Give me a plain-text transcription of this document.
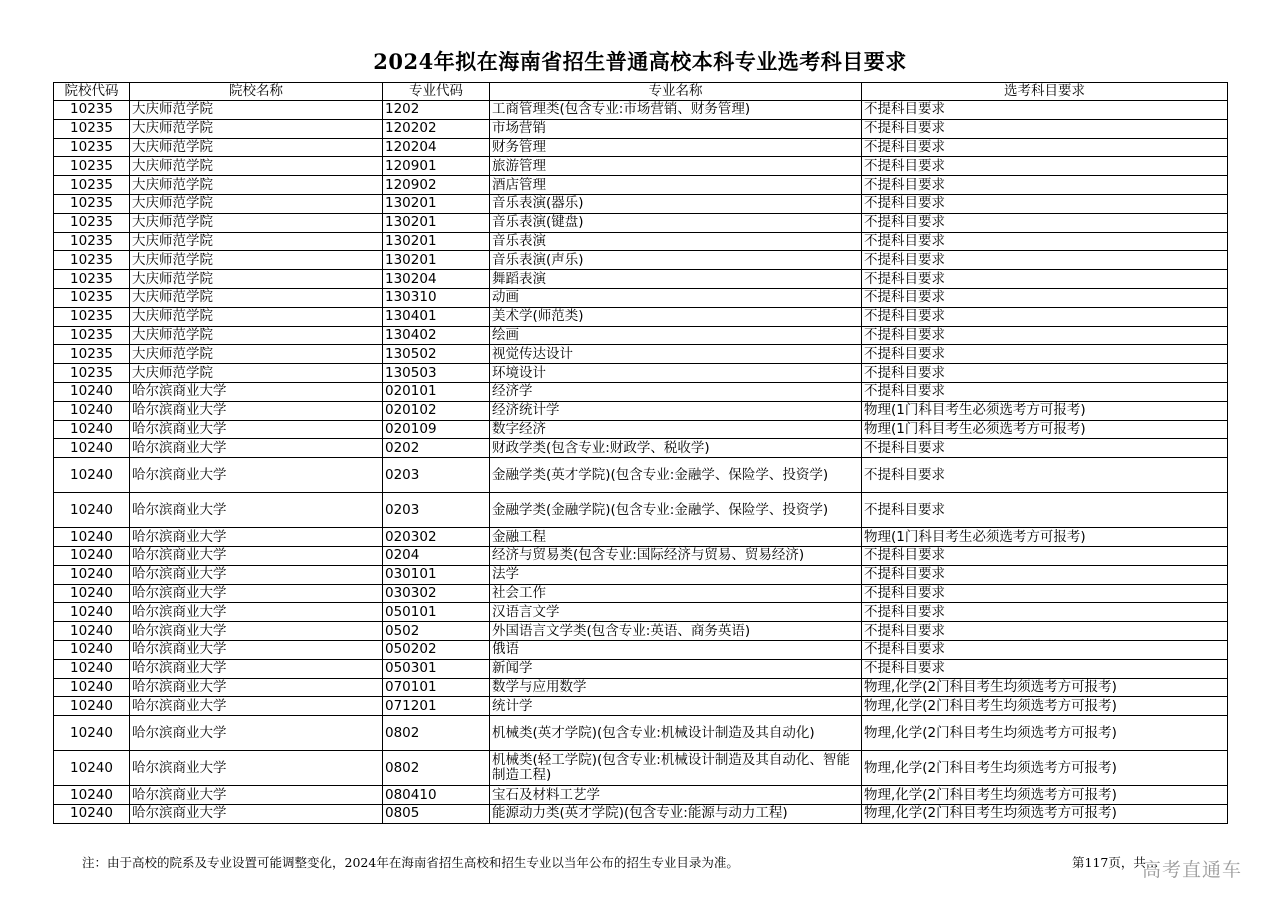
2024年拟在海南省招生普通高校本科专业选考科目要求
院校代码	院校名称	专业代码	专业名称	选考科目要求
10235	大庆师范学院	1202	工商管理类(包含专业:市场营销、财务管理)	不提科目要求
10235	大庆师范学院	120202	市场营销	不提科目要求
10235	大庆师范学院	120204	财务管理	不提科目要求
10235	大庆师范学院	120901	旅游管理	不提科目要求
10235	大庆师范学院	120902	酒店管理	不提科目要求
10235	大庆师范学院	130201	音乐表演(器乐)	不提科目要求
10235	大庆师范学院	130201	音乐表演(键盘)	不提科目要求
10235	大庆师范学院	130201	音乐表演	不提科目要求
10235	大庆师范学院	130201	音乐表演(声乐)	不提科目要求
10235	大庆师范学院	130204	舞蹈表演	不提科目要求
10235	大庆师范学院	130310	动画	不提科目要求
10235	大庆师范学院	130401	美术学(师范类)	不提科目要求
10235	大庆师范学院	130402	绘画	不提科目要求
10235	大庆师范学院	130502	视觉传达设计	不提科目要求
10235	大庆师范学院	130503	环境设计	不提科目要求
10240	哈尔滨商业大学	020101	经济学	不提科目要求
10240	哈尔滨商业大学	020102	经济统计学	物理(1门科目考生必须选考方可报考)
10240	哈尔滨商业大学	020109	数字经济	物理(1门科目考生必须选考方可报考)
10240	哈尔滨商业大学	0202	财政学类(包含专业:财政学、税收学)	不提科目要求
10240	哈尔滨商业大学	0203	金融学类(英才学院)(包含专业:金融学、保险学、投资学)	不提科目要求
10240	哈尔滨商业大学	0203	金融学类(金融学院)(包含专业:金融学、保险学、投资学)	不提科目要求
10240	哈尔滨商业大学	020302	金融工程	物理(1门科目考生必须选考方可报考)
10240	哈尔滨商业大学	0204	经济与贸易类(包含专业:国际经济与贸易、贸易经济)	不提科目要求
10240	哈尔滨商业大学	030101	法学	不提科目要求
10240	哈尔滨商业大学	030302	社会工作	不提科目要求
10240	哈尔滨商业大学	050101	汉语言文学	不提科目要求
10240	哈尔滨商业大学	0502	外国语言文学类(包含专业:英语、商务英语)	不提科目要求
10240	哈尔滨商业大学	050202	俄语	不提科目要求
10240	哈尔滨商业大学	050301	新闻学	不提科目要求
10240	哈尔滨商业大学	070101	数学与应用数学	物理,化学(2门科目考生均须选考方可报考)
10240	哈尔滨商业大学	071201	统计学	物理,化学(2门科目考生均须选考方可报考)
10240	哈尔滨商业大学	0802	机械类(英才学院)(包含专业:机械设计制造及其自动化)	物理,化学(2门科目考生均须选考方可报考)
10240	哈尔滨商业大学	0802	机械类(轻工学院)(包含专业:机械设计制造及其自动化、智能制造工程)	物理,化学(2门科目考生均须选考方可报考)
10240	哈尔滨商业大学	080410	宝石及材料工艺学	物理,化学(2门科目考生均须选考方可报考)
10240	哈尔滨商业大学	0805	能源动力类(英才学院)(包含专业:能源与动力工程)	物理,化学(2门科目考生均须选考方可报考)
注：由于高校的院系及专业设置可能调整变化，2024年在海南省招生高校和招生专业以当年公布的招生专业目录为准。	第117页，共…
高考直通车
